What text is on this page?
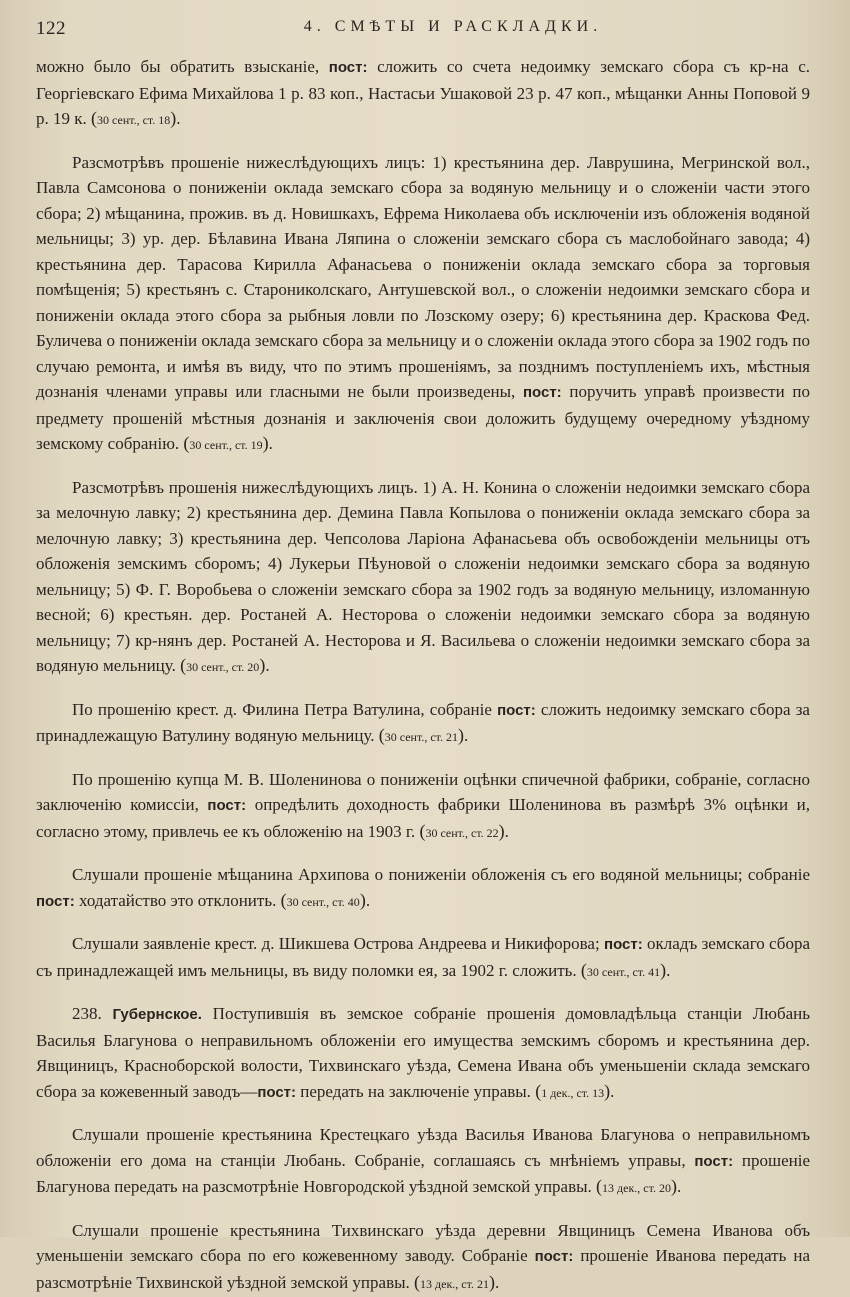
122	4. СМѢТЫ И РАСКЛАДКИ.

можно было бы обратить взысканіе, пост: сложить со счета недоимку земскаго сбора съ кр-на с. Георгіевскаго Ефима Михайлова 1 р. 83 коп., Настасьи Ушаковой 23 р. 47 коп., мѣщанки Анны Поповой 9 р. 19 к. (30 сент., ст. 18).

Разсмотрѣвъ прошеніе нижеслѣдующихъ лицъ: 1) крестьянина дер. Лаврушина, Мегринской вол., Павла Самсонова о пониженіи оклада земскаго сбора за водяную мельницу и о сложеніи части этого сбора; 2) мѣщанина, прожив. въ д. Новишкахъ, Ефрема Николаева объ исключеніи изъ обложенія водяной мельницы; 3) ур. дер. Бѣлавина Ивана Ляпина о сложеніи земскаго сбора съ маслобойнаго завода; 4) крестьянина дер. Тарасова Кирилла Афанасьева о пониженіи оклада земскаго сбора за торговыя помѣщенія; 5) крестьянъ с. Старониколскаго, Антушевской вол., о сложеніи недоимки земскаго сбора и пониженіи оклада этого сбора за рыбныя ловли по Лозскому озеру; 6) крестьянина дер. Краскова Фед. Буличева о пониженіи оклада земскаго сбора за мельницу и о сложеніи оклада этого сбора за 1902 годъ по случаю ремонта, и имѣя въ виду, что по этимъ прошеніямъ, за позднимъ поступленіемъ ихъ, мѣстныя дознанія членами управы или гласными не были произведены, пост: поручить управѣ произвести по предмету прошеній мѣстныя дознанія и заключенія свои доложить будущему очередному уѣздному земскому собранію. (30 сент., ст. 19).

Разсмотрѣвъ прошенія нижеслѣдующихъ лицъ. 1) А. Н. Конина о сложеніи недоимки земскаго сбора за мелочную лавку; 2) крестьянина дер. Демина Павла Копылова о пониженіи оклада земскаго сбора за мелочную лавку; 3) крестьянина дер. Чепсолова Ларіона Афанасьева объ освобожденіи мельницы отъ обложенія земскимъ сборомъ; 4) Лукерьи Пѣуновой о сложеніи недоимки земскаго сбора за водяную мельницу; 5) Ф. Г. Воробьева о сложеніи земскаго сбора за 1902 годъ за водяную мельницу, изломанную весной; 6) крестьян. дер. Ростаней А. Несторова о сложеніи недоимки земскаго сбора за водяную мельницу; 7) кр-нянъ дер. Ростаней А. Несторова и Я. Васильева о сложеніи недоимки земскаго сбора за водяную мельницу. (30 сент., ст. 20).

По прошенію крест. д. Филина Петра Ватулина, собраніе пост: сложить недоимку земскаго сбора за принадлежащую Ватулину водяную мельницу. (30 сент., ст. 21).

По прошенію купца М. В. Шоленинова о пониженіи оцѣнки спичечной фабрики, собраніе, согласно заключенію комиссіи, пост: опредѣлить доходность фабрики Шоленинова въ размѣрѣ 3% оцѣнки и, согласно этому, привлечь ее къ обложенію на 1903 г. (30 сент., ст. 22).

Слушали прошеніе мѣщанина Архипова о пониженіи обложенія съ его водяной мельницы; собраніе пост: ходатайство это отклонить. (30 сент., ст. 40).

Слушали заявленіе крест. д. Шикшева Острова Андреева и Никифорова; пост: окладъ земскаго сбора съ принадлежащей имъ мельницы, въ виду поломки ея, за 1902 г. сложить. (30 сент., ст. 41).

238. Губернское. Поступившія въ земское собраніе прошенія домовладѣльца станціи Любань Василья Благунова о неправильномъ обложеніи его имущества земскимъ сборомъ и крестьянина дер. Явщиницъ, Красноборской волости, Тихвинскаго уѣзда, Семена Ивана объ уменьшеніи склада земскаго сбора за кожевенный заводъ—пост: передать на заключеніе управы. (1 дек., ст. 13).

Слушали прошеніе крестьянина Крестецкаго уѣзда Василья Иванова Благунова о неправильномъ обложеніи его дома на станціи Любань. Собраніе, соглашаясь съ мнѣніемъ управы, пост: прошеніе Благунова передать на разсмотрѣніе Новгородской уѣздной земской управы. (13 дек., ст. 20).

Слушали прошеніе крестьянина Тихвинскаго уѣзда деревни Явщиницъ Семена Иванова объ уменьшеніи земскаго сбора по его кожевенному заводу. Собраніе пост: прошеніе Иванова передать на разсмотрѣніе Тихвинской уѣздной земской управы. (13 дек., ст. 21).
